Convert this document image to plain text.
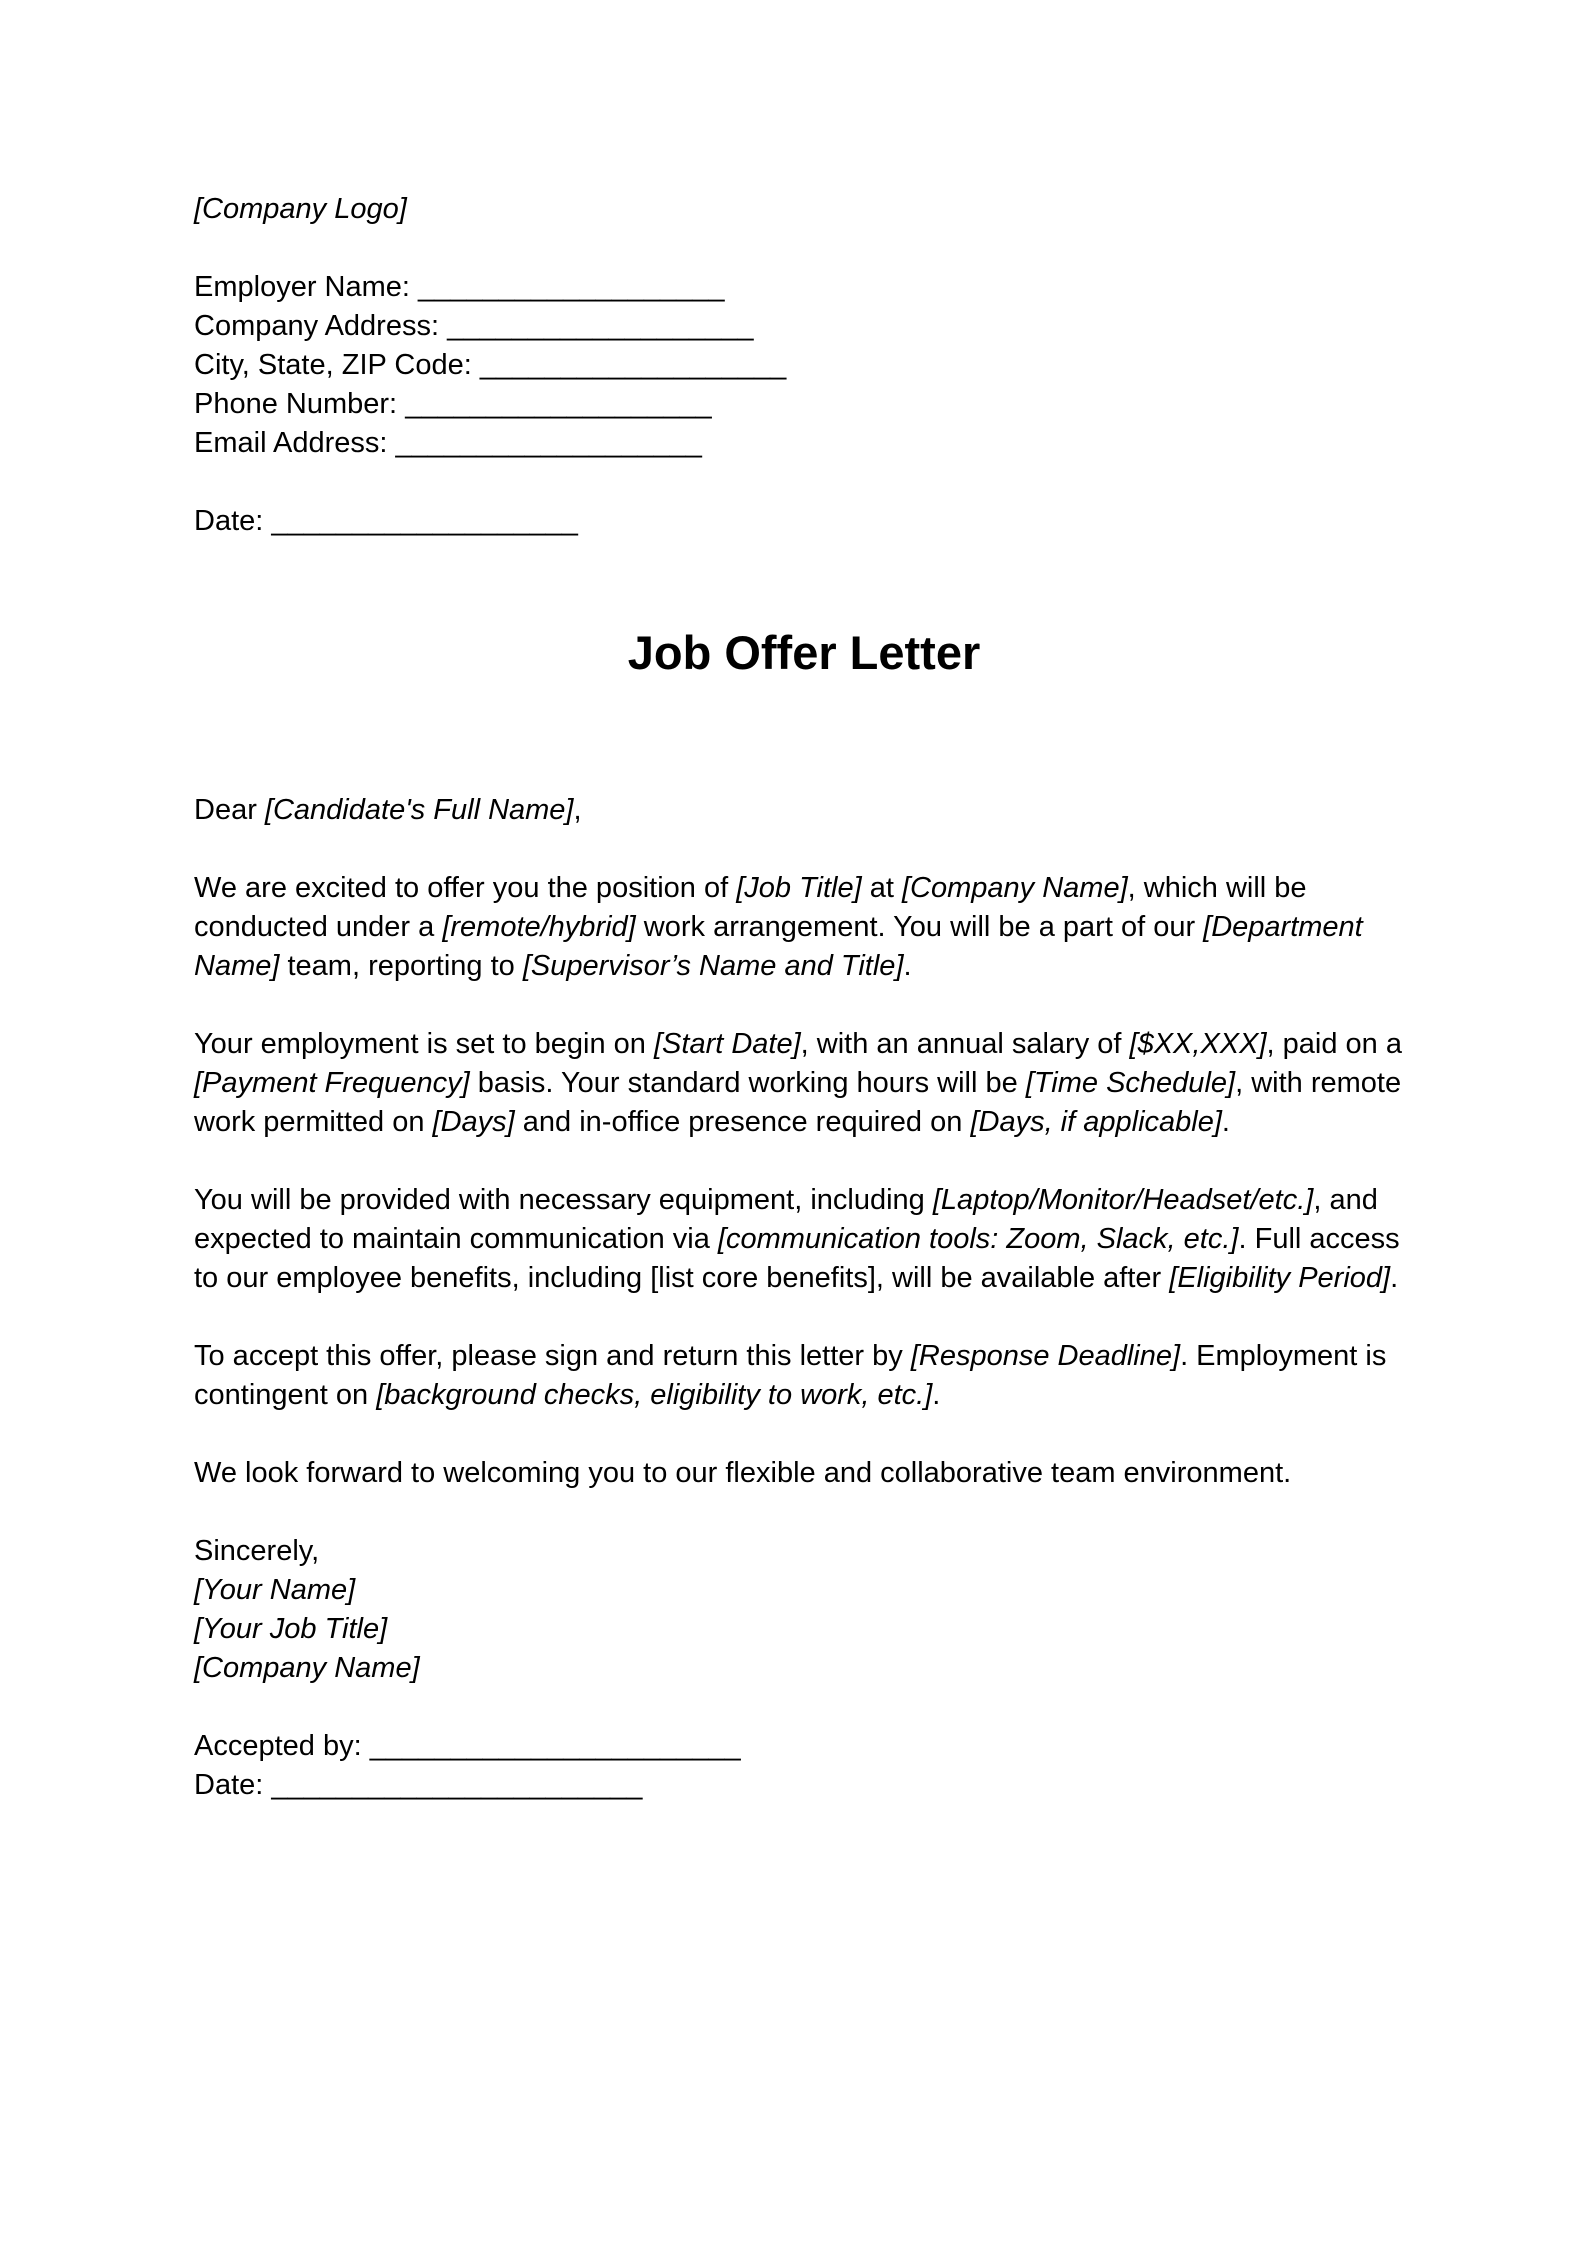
[Company Logo]
Employer Name: ___________________
Company Address: ___________________
City, State, ZIP Code: ___________________
Phone Number: ___________________
Email Address: ___________________
Date: ___________________
Job Offer Letter

Dear [Candidate's Full Name],

We are excited to offer you the position of [Job Title] at [Company Name], which will be conducted under a [remote/hybrid] work arrangement. You will be a part of our [Department Name] team, reporting to [Supervisor’s Name and Title].

Your employment is set to begin on [Start Date], with an annual salary of [$XX,XXX], paid on a [Payment Frequency] basis. Your standard working hours will be [Time Schedule], with remote work permitted on [Days] and in-office presence required on [Days, if applicable].

You will be provided with necessary equipment, including [Laptop/Monitor/Headset/etc.], and expected to maintain communication via [communication tools: Zoom, Slack, etc.]. Full access to our employee benefits, including [list core benefits], will be available after [Eligibility Period].

To accept this offer, please sign and return this letter by [Response Deadline]. Employment is contingent on [background checks, eligibility to work, etc.].

We look forward to welcoming you to our flexible and collaborative team environment.

Sincerely,
[Your Name]
[Your Job Title]
[Company Name]
Accepted by: _______________________
Date: _______________________
